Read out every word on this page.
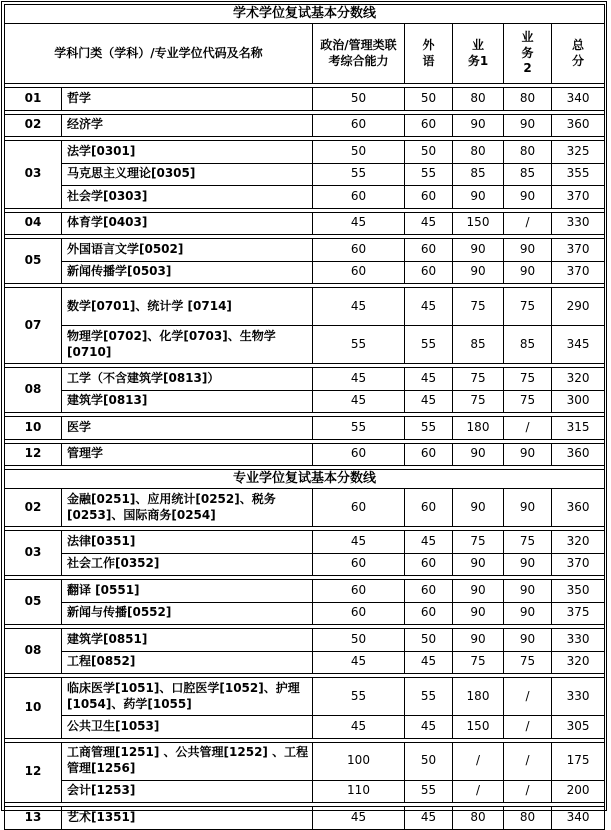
学术学位复试基本分数线						
学科门类（学科）/专业学位代码及名称		政治/管理类联考综合能力	外语	业务1	业务2	总分

01	哲学	50	50	80	80	340

02	经济学	60	60	90	90	360

03	法学[0301]	50	50	80	80	325
	马克思主义理论[0305]	55	55	85	85	355
	社会学[0303]	60	60	90	90	370

04	体育学[0403]	45	45	150	/	330

05	外国语言文学[0502]	60	60	90	90	370
	新闻传播学[0503]	60	60	90	90	370

07	数学[0701]、统计学 [0714]	45	45	75	75	290
	物理学[0702]、化学[0703]、生物学[0710]	55	55	85	85	345

08	工学（不含建筑学[0813]）	45	45	75	75	320
	建筑学[0813]	45	45	75	75	300

10	医学	55	55	180	/	315

12	管理学	60	60	90	90	360

专业学位复试基本分数线						
02	金融[0251]、应用统计[0252]、税务[0253]、国际商务[0254]	60	60	90	90	360

03	法律[0351]	45	45	75	75	320
	社会工作[0352]	60	60	90	90	370

05	翻译 [0551]	60	60	90	90	350
	新闻与传播[0552]	60	60	90	90	375

08	建筑学[0851]	50	50	90	90	330
	工程[0852]	45	45	75	75	320

10	临床医学[1051]、口腔医学[1052]、护理[1054]、药学[1055]	55	55	180	/	330
	公共卫生[1053]	45	45	150	/	305

12	工商管理[1251] 、公共管理[1252] 、工程管理[1256]	100	50	/	/	175
	会计[1253]	110	55	/	/	200

13	艺术[1351]	45	45	80	80	340
